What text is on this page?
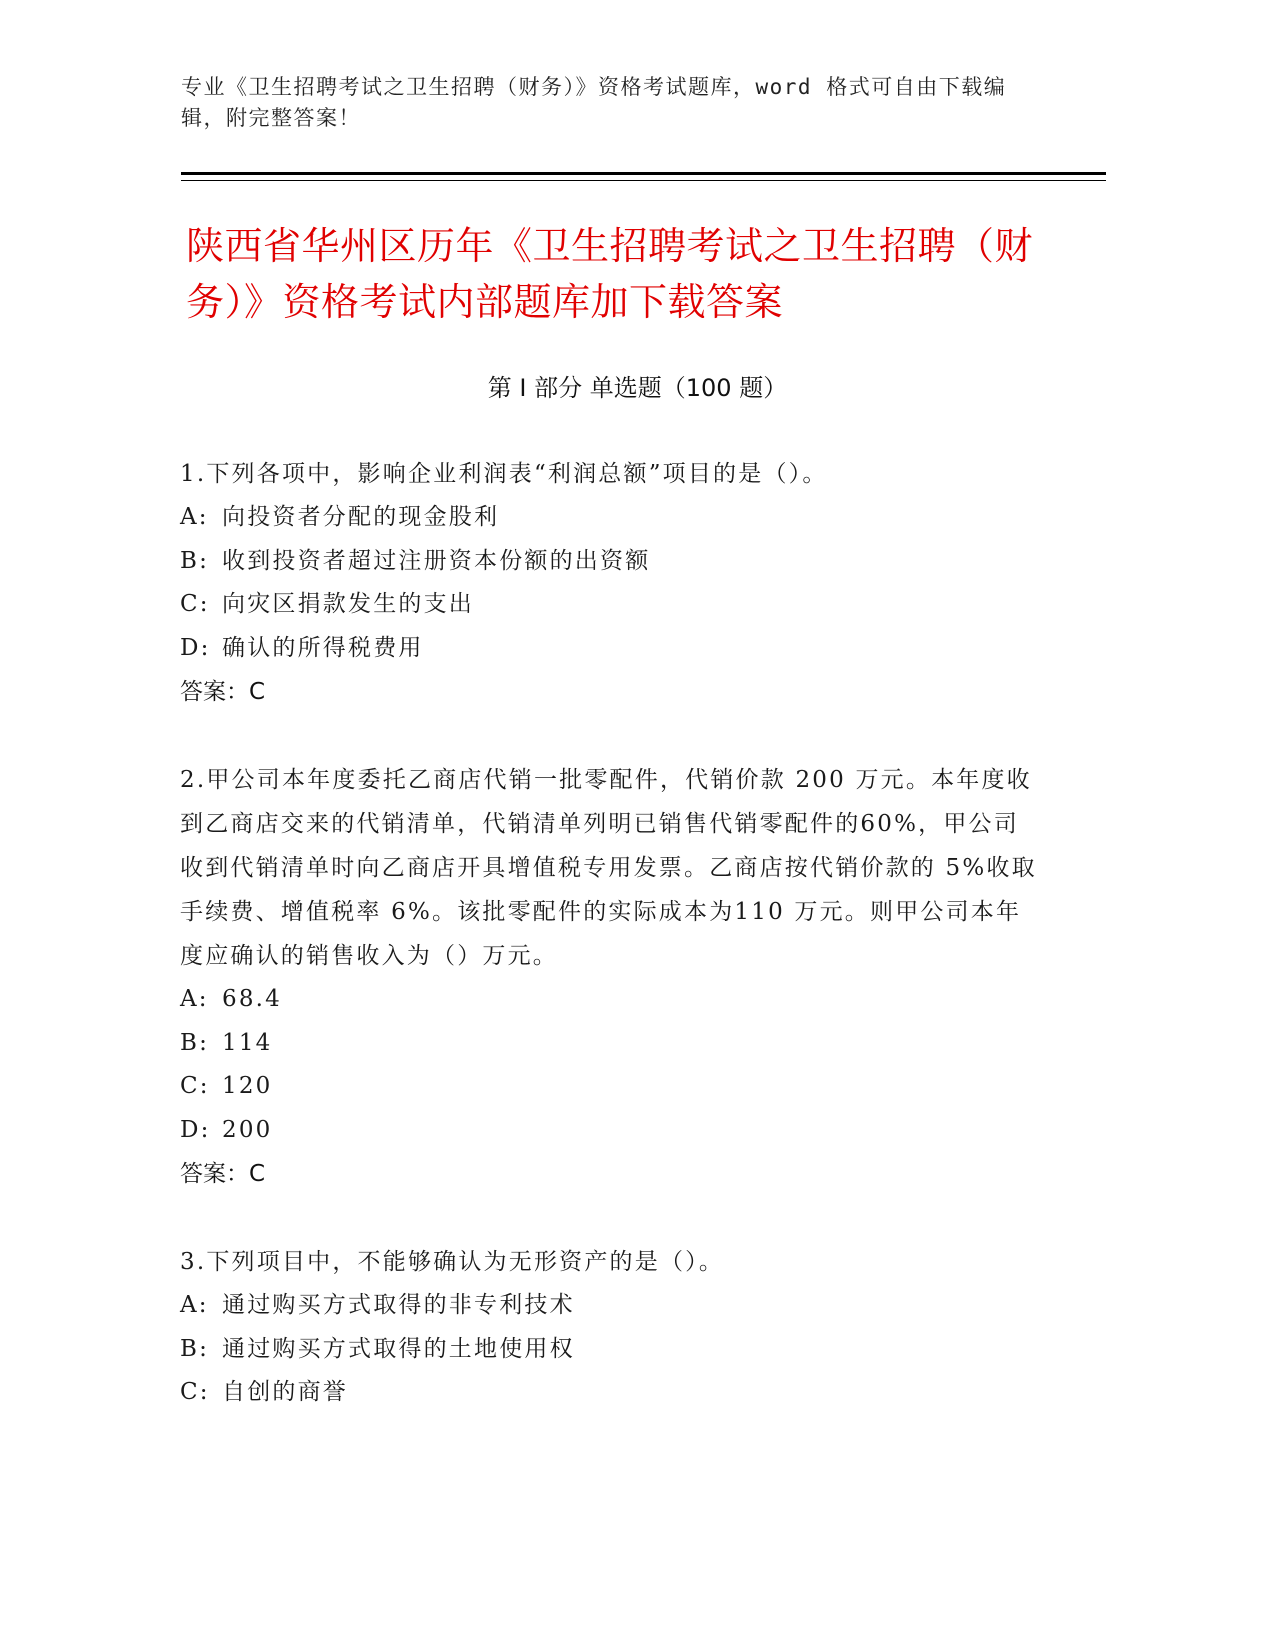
专业《卫生招聘考试之卫生招聘（财务）》资格考试题库，word 格式可自由下载编辑，附完整答案！
陕西省华州区历年《卫生招聘考试之卫生招聘（财务）》资格考试内部题库加下载答案
第 I 部分 单选题（100 题）

1.下列各项中，影响企业利润表“利润总额”项目的是（）。

A: 向投资者分配的现金股利

B: 收到投资者超过注册资本份额的出资额

C: 向灾区捐款发生的支出

D: 确认的所得税费用

答案：C

2.甲公司本年度委托乙商店代销一批零配件，代销价款 200 万元。本年度收到乙商店交来的代销清单，代销清单列明已销售代销零配件的60%，甲公司收到代销清单时向乙商店开具增值税专用发票。乙商店按代销价款的 5%收取手续费、增值税率 6%。该批零配件的实际成本为110 万元。则甲公司本年度应确认的销售收入为（）万元。

A: 68.4

B: 114

C: 120

D: 200

答案：C

3.下列项目中，不能够确认为无形资产的是（）。

A: 通过购买方式取得的非专利技术

B: 通过购买方式取得的土地使用权

C: 自创的商誉
